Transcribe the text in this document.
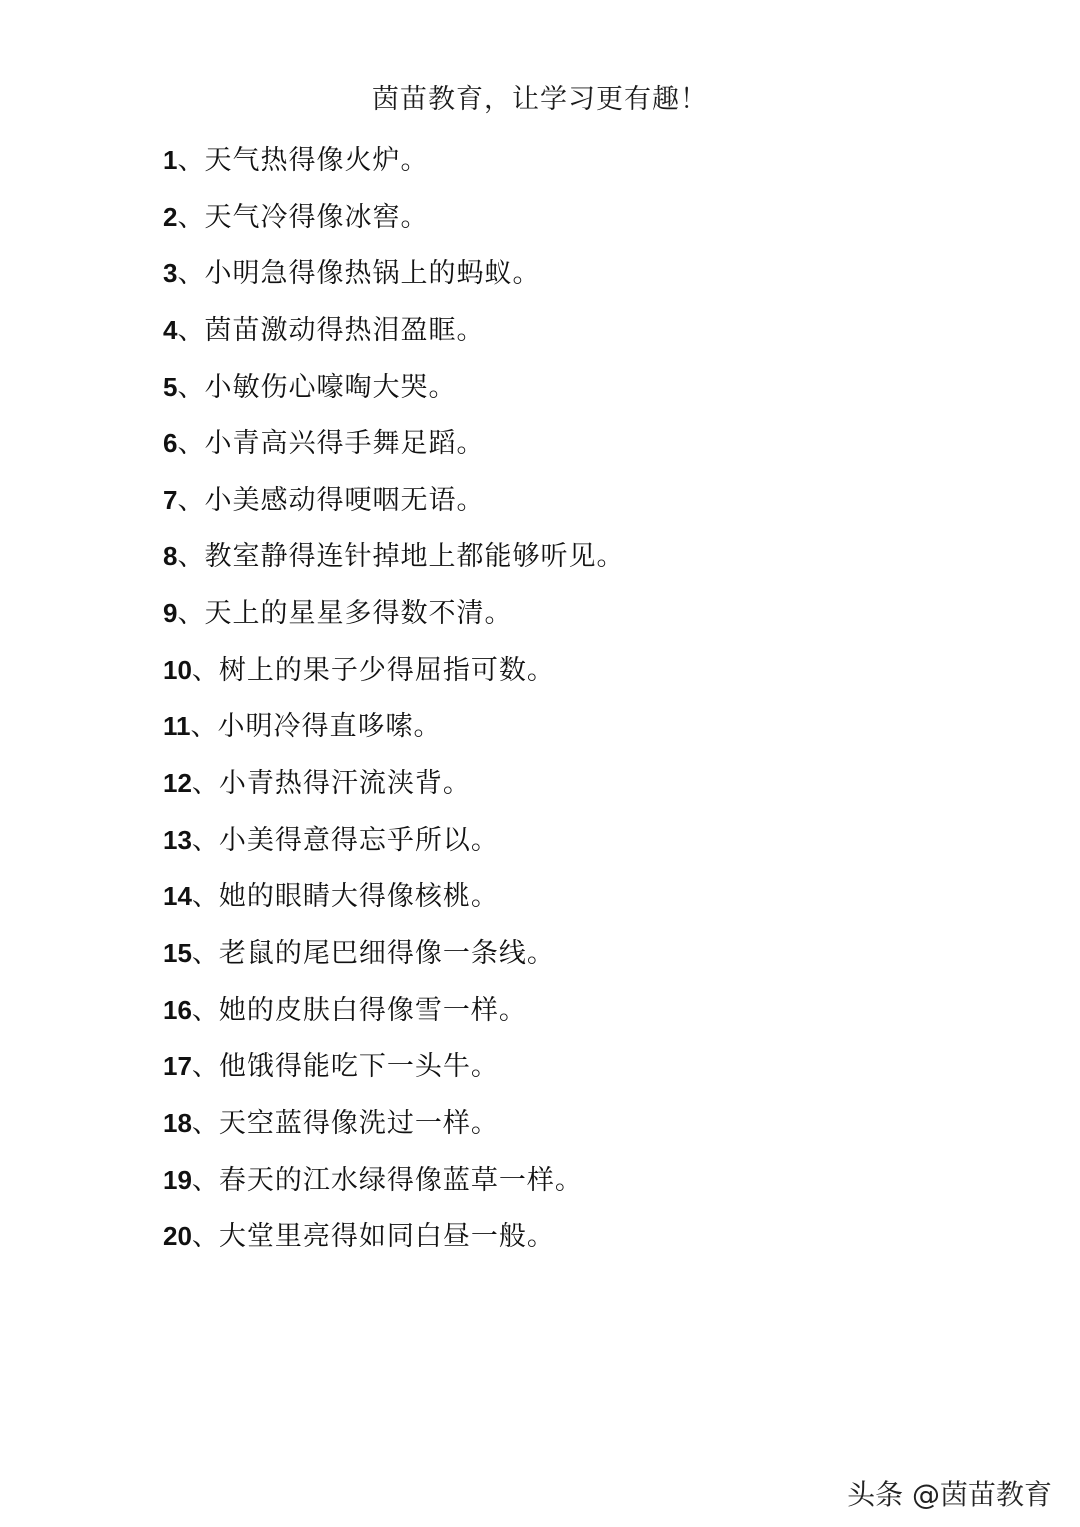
茵苗教育，让学习更有趣！
1、天气热得像火炉。
2、天气冷得像冰窖。
3、小明急得像热锅上的蚂蚁。
4、茵苗激动得热泪盈眶。
5、小敏伤心嚎啕大哭。
6、小青高兴得手舞足蹈。
7、小美感动得哽咽无语。
8、教室静得连针掉地上都能够听见。
9、天上的星星多得数不清。
10、树上的果子少得屈指可数。
11、小明冷得直哆嗦。
12、小青热得汗流浃背。
13、小美得意得忘乎所以。
14、她的眼睛大得像核桃。
15、老鼠的尾巴细得像一条线。
16、她的皮肤白得像雪一样。
17、他饿得能吃下一头牛。
18、天空蓝得像洗过一样。
19、春天的江水绿得像蓝草一样。
20、大堂里亮得如同白昼一般。
头条 @茵苗教育
